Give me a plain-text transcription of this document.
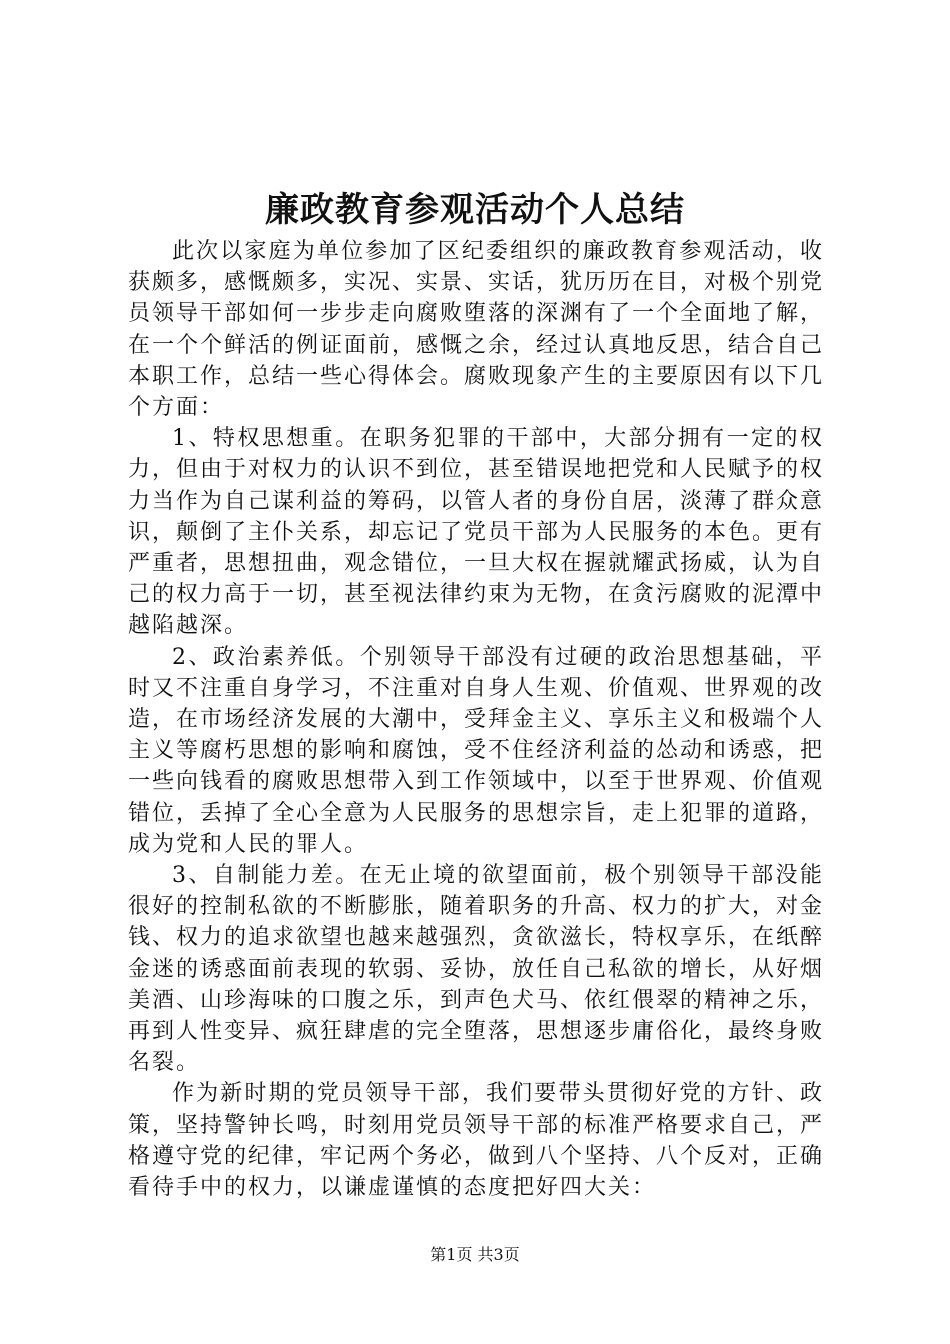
廉政教育参观活动个人总结

此次以家庭为单位参加了区纪委组织的廉政教育参观活动，收获颇多，感慨颇多，实况、实景、实话，犹历历在目，对极个别党员领导干部如何一步步走向腐败堕落的深渊有了一个全面地了解，在一个个鲜活的例证面前，感慨之余，经过认真地反思，结合自己本职工作，总结一些心得体会。腐败现象产生的主要原因有以下几个方面：

1、特权思想重。在职务犯罪的干部中，大部分拥有一定的权力，但由于对权力的认识不到位，甚至错误地把党和人民赋予的权力当作为自己谋利益的筹码，以管人者的身份自居，淡薄了群众意识，颠倒了主仆关系，却忘记了党员干部为人民服务的本色。更有严重者，思想扭曲，观念错位，一旦大权在握就耀武扬威，认为自己的权力高于一切，甚至视法律约束为无物，在贪污腐败的泥潭中越陷越深。

2、政治素养低。个别领导干部没有过硬的政治思想基础，平时又不注重自身学习，不注重对自身人生观、价值观、世界观的改造，在市场经济发展的大潮中，受拜金主义、享乐主义和极端个人主义等腐朽思想的影响和腐蚀，受不住经济利益的怂动和诱惑，把一些向钱看的腐败思想带入到工作领域中，以至于世界观、价值观错位，丢掉了全心全意为人民服务的思想宗旨，走上犯罪的道路，成为党和人民的罪人。

3、自制能力差。在无止境的欲望面前，极个别领导干部没能很好的控制私欲的不断膨胀，随着职务的升高、权力的扩大，对金钱、权力的追求欲望也越来越强烈，贪欲滋长，特权享乐，在纸醉金迷的诱惑面前表现的软弱、妥协，放任自己私欲的增长，从好烟美酒、山珍海味的口腹之乐，到声色犬马、依红偎翠的精神之乐，再到人性变异、疯狂肆虐的完全堕落，思想逐步庸俗化，最终身败名裂。

作为新时期的党员领导干部，我们要带头贯彻好党的方针、政策，坚持警钟长鸣，时刻用党员领导干部的标准严格要求自己，严格遵守党的纪律，牢记两个务必，做到八个坚持、八个反对，正确看待手中的权力，以谦虚谨慎的态度把好四大关：

第1页 共3页
